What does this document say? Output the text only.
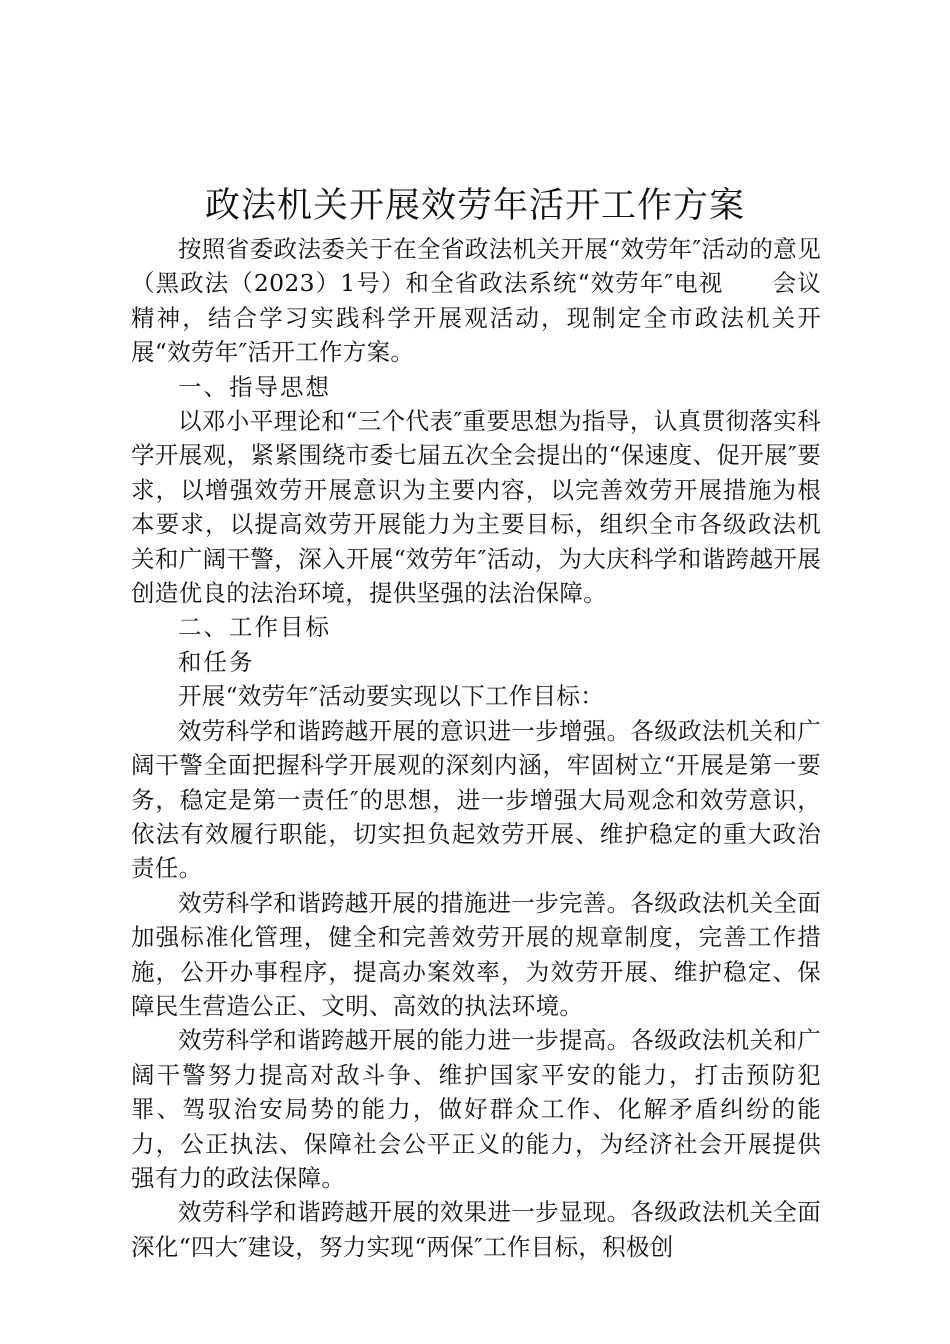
政法机关开展效劳年活开工作方案

按照省委政法委关于在全省政法机关开展“效劳年″活动的意见（黑政法（2023）1号）和全省政法系统“效劳年″电视　　会议精神，结合学习实践科学开展观活动，现制定全市政法机关开展“效劳年″活开工作方案。

一、指导思想

以邓小平理论和“三个代表″重要思想为指导，认真贯彻落实科学开展观，紧紧围绕市委七届五次全会提出的“保速度、促开展″要求，以增强效劳开展意识为主要内容，以完善效劳开展措施为根本要求，以提高效劳开展能力为主要目标，组织全市各级政法机关和广阔干警，深入开展“效劳年″活动，为大庆科学和谐跨越开展创造优良的法治环境，提供坚强的法治保障。

二、工作目标

和任务

开展“效劳年″活动要实现以下工作目标：

效劳科学和谐跨越开展的意识进一步增强。各级政法机关和广阔干警全面把握科学开展观的深刻内涵，牢固树立“开展是第一要务，稳定是第一责任″的思想，进一步增强大局观念和效劳意识，依法有效履行职能，切实担负起效劳开展、维护稳定的重大政治责任。

效劳科学和谐跨越开展的措施进一步完善。各级政法机关全面加强标准化管理，健全和完善效劳开展的规章制度，完善工作措施，公开办事程序，提高办案效率，为效劳开展、维护稳定、保障民生营造公正、文明、高效的执法环境。

效劳科学和谐跨越开展的能力进一步提高。各级政法机关和广阔干警努力提高对敌斗争、维护国家平安的能力，打击预防犯罪、驾驭治安局势的能力，做好群众工作、化解矛盾纠纷的能力，公正执法、保障社会公平正义的能力，为经济社会开展提供强有力的政法保障。

效劳科学和谐跨越开展的效果进一步显现。各级政法机关全面深化“四大″建设，努力实现“两保″工作目标，积极创
